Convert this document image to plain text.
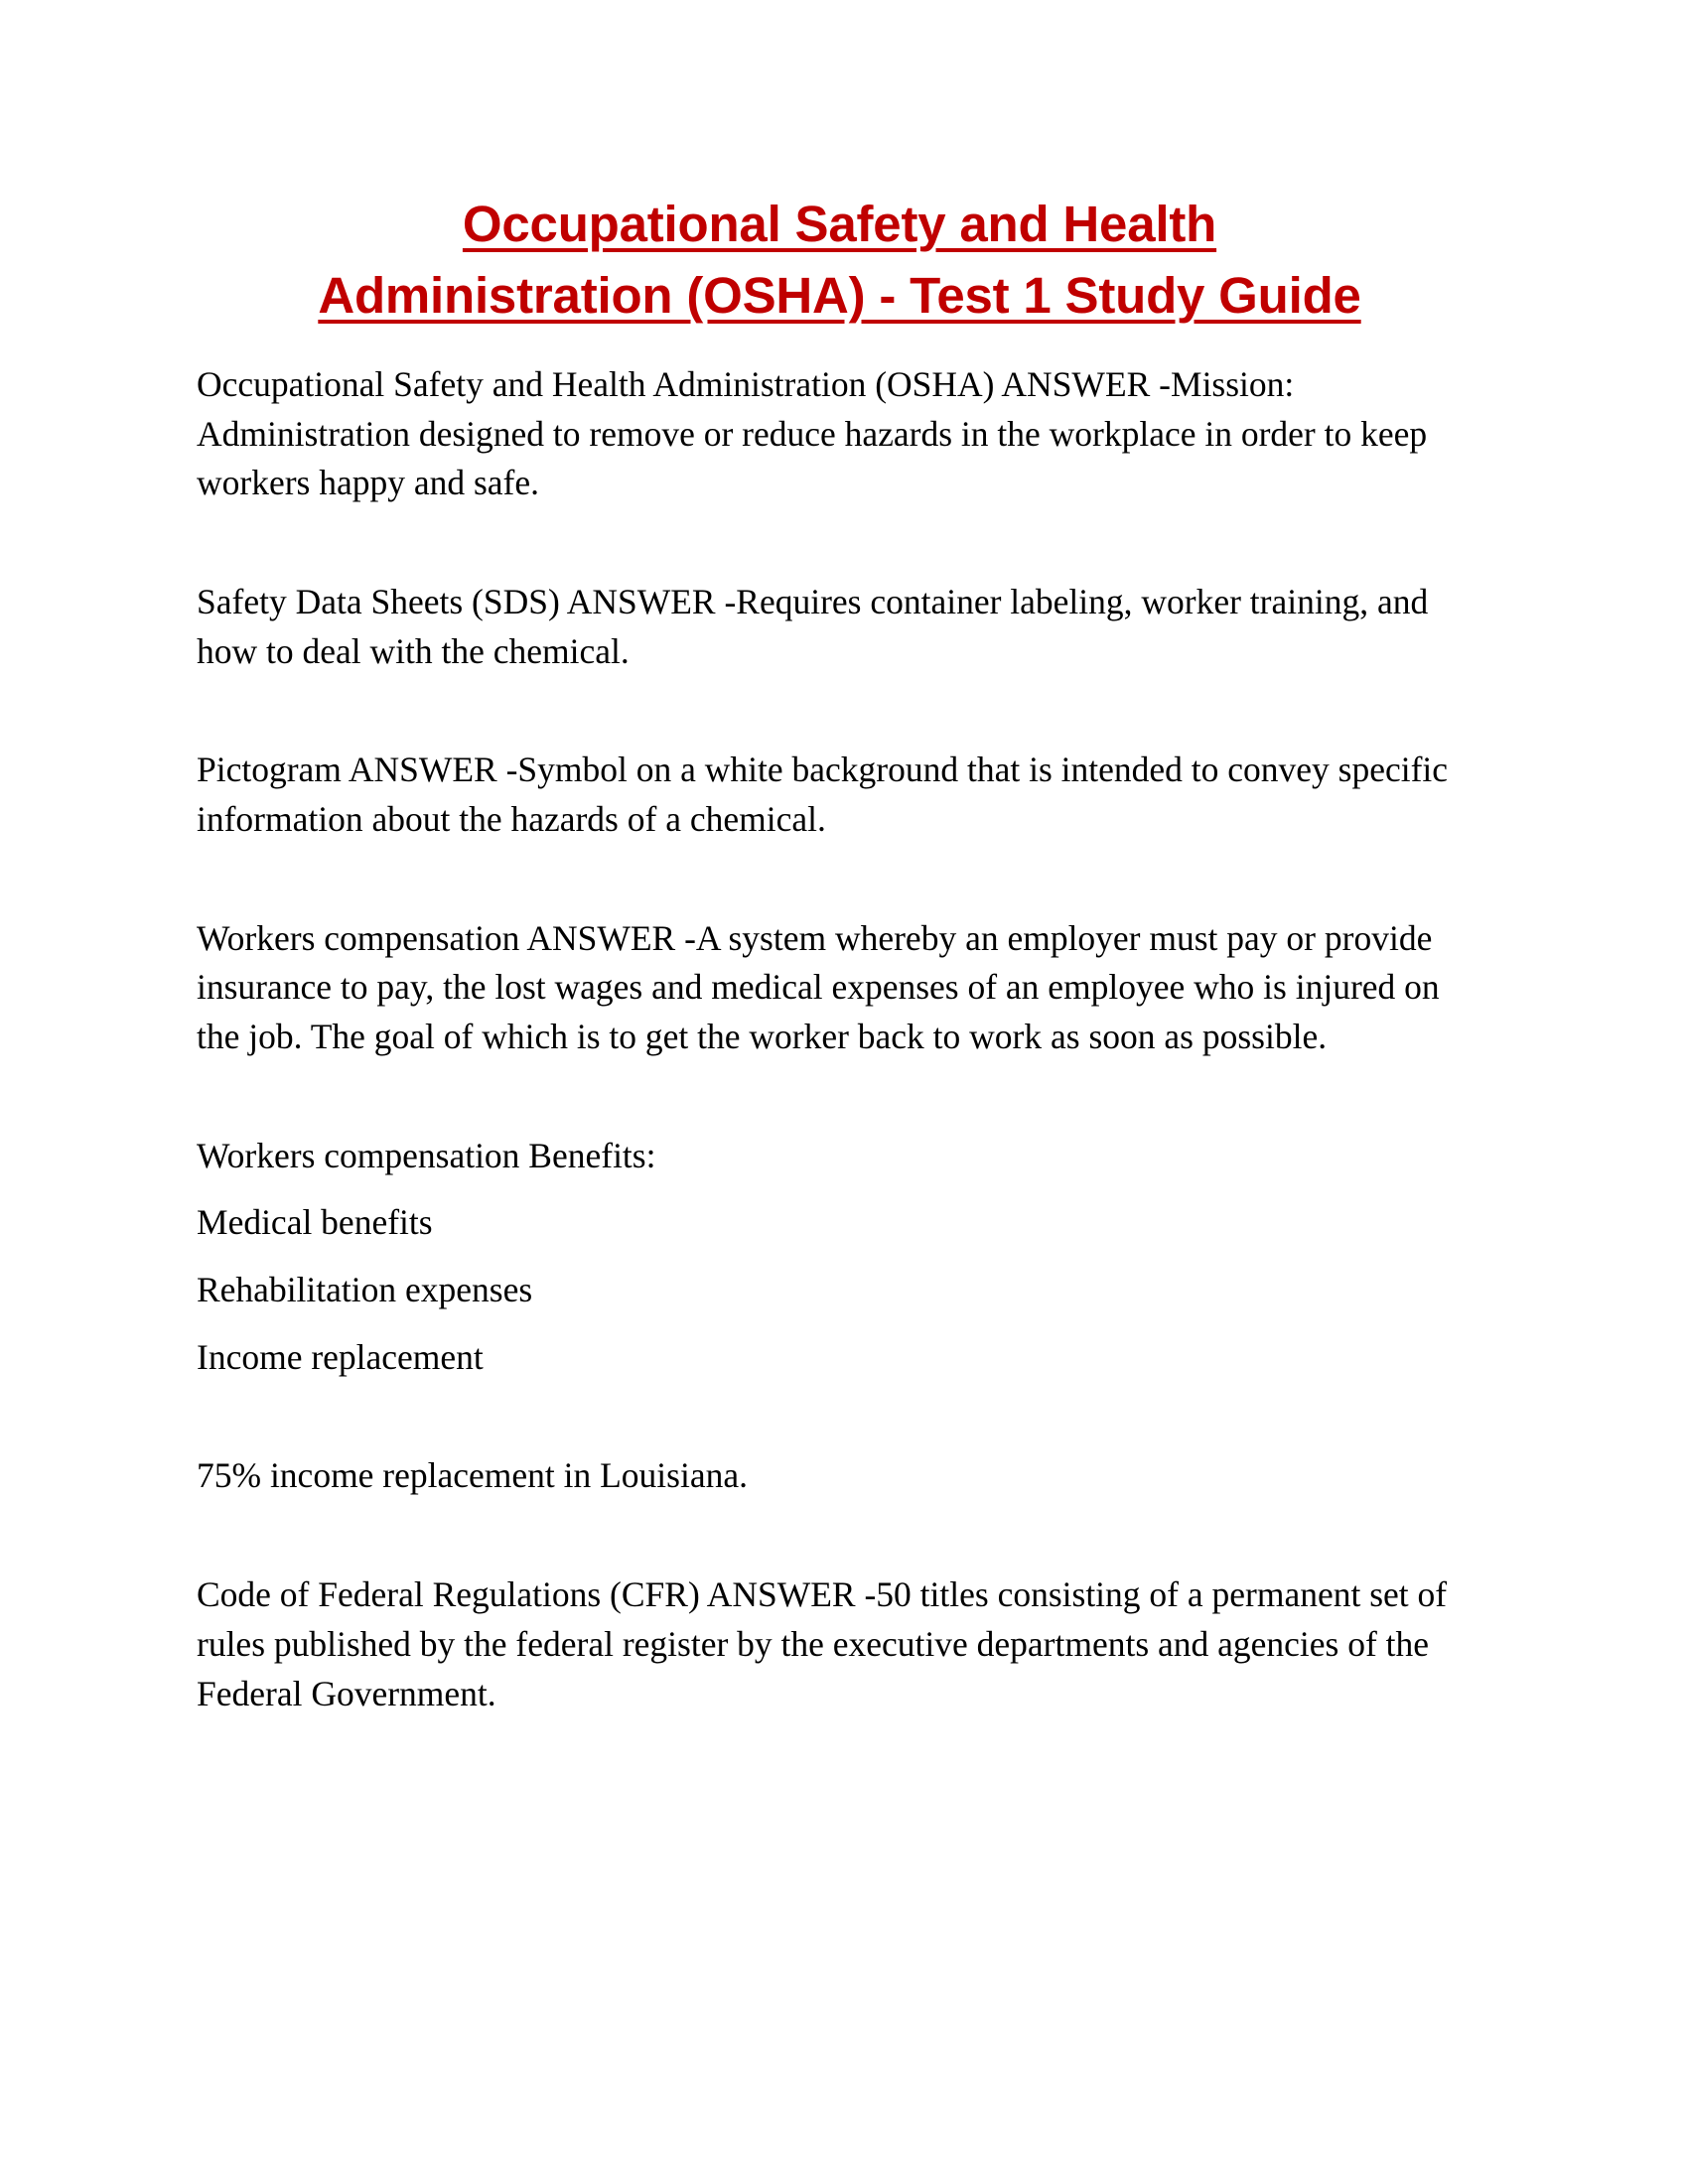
Occupational Safety and Health
Administration (OSHA) - Test 1 Study Guide

Occupational Safety and Health Administration (OSHA) ANSWER -Mission: Administration designed to remove or reduce hazards in the workplace in order to keep workers happy and safe.

Safety Data Sheets (SDS) ANSWER -Requires container labeling, worker training, and how to deal with the chemical.

Pictogram ANSWER -Symbol on a white background that is intended to convey specific information about the hazards of a chemical.

Workers compensation ANSWER -A system whereby an employer must pay or provide insurance to pay, the lost wages and medical expenses of an employee who is injured on the job. The goal of which is to get the worker back to work as soon as possible.

Workers compensation Benefits:

Medical benefits

Rehabilitation expenses

Income replacement

75% income replacement in Louisiana.

Code of Federal Regulations (CFR) ANSWER -50 titles consisting of a permanent set of rules published by the federal register by the executive departments and agencies of the Federal Government.
